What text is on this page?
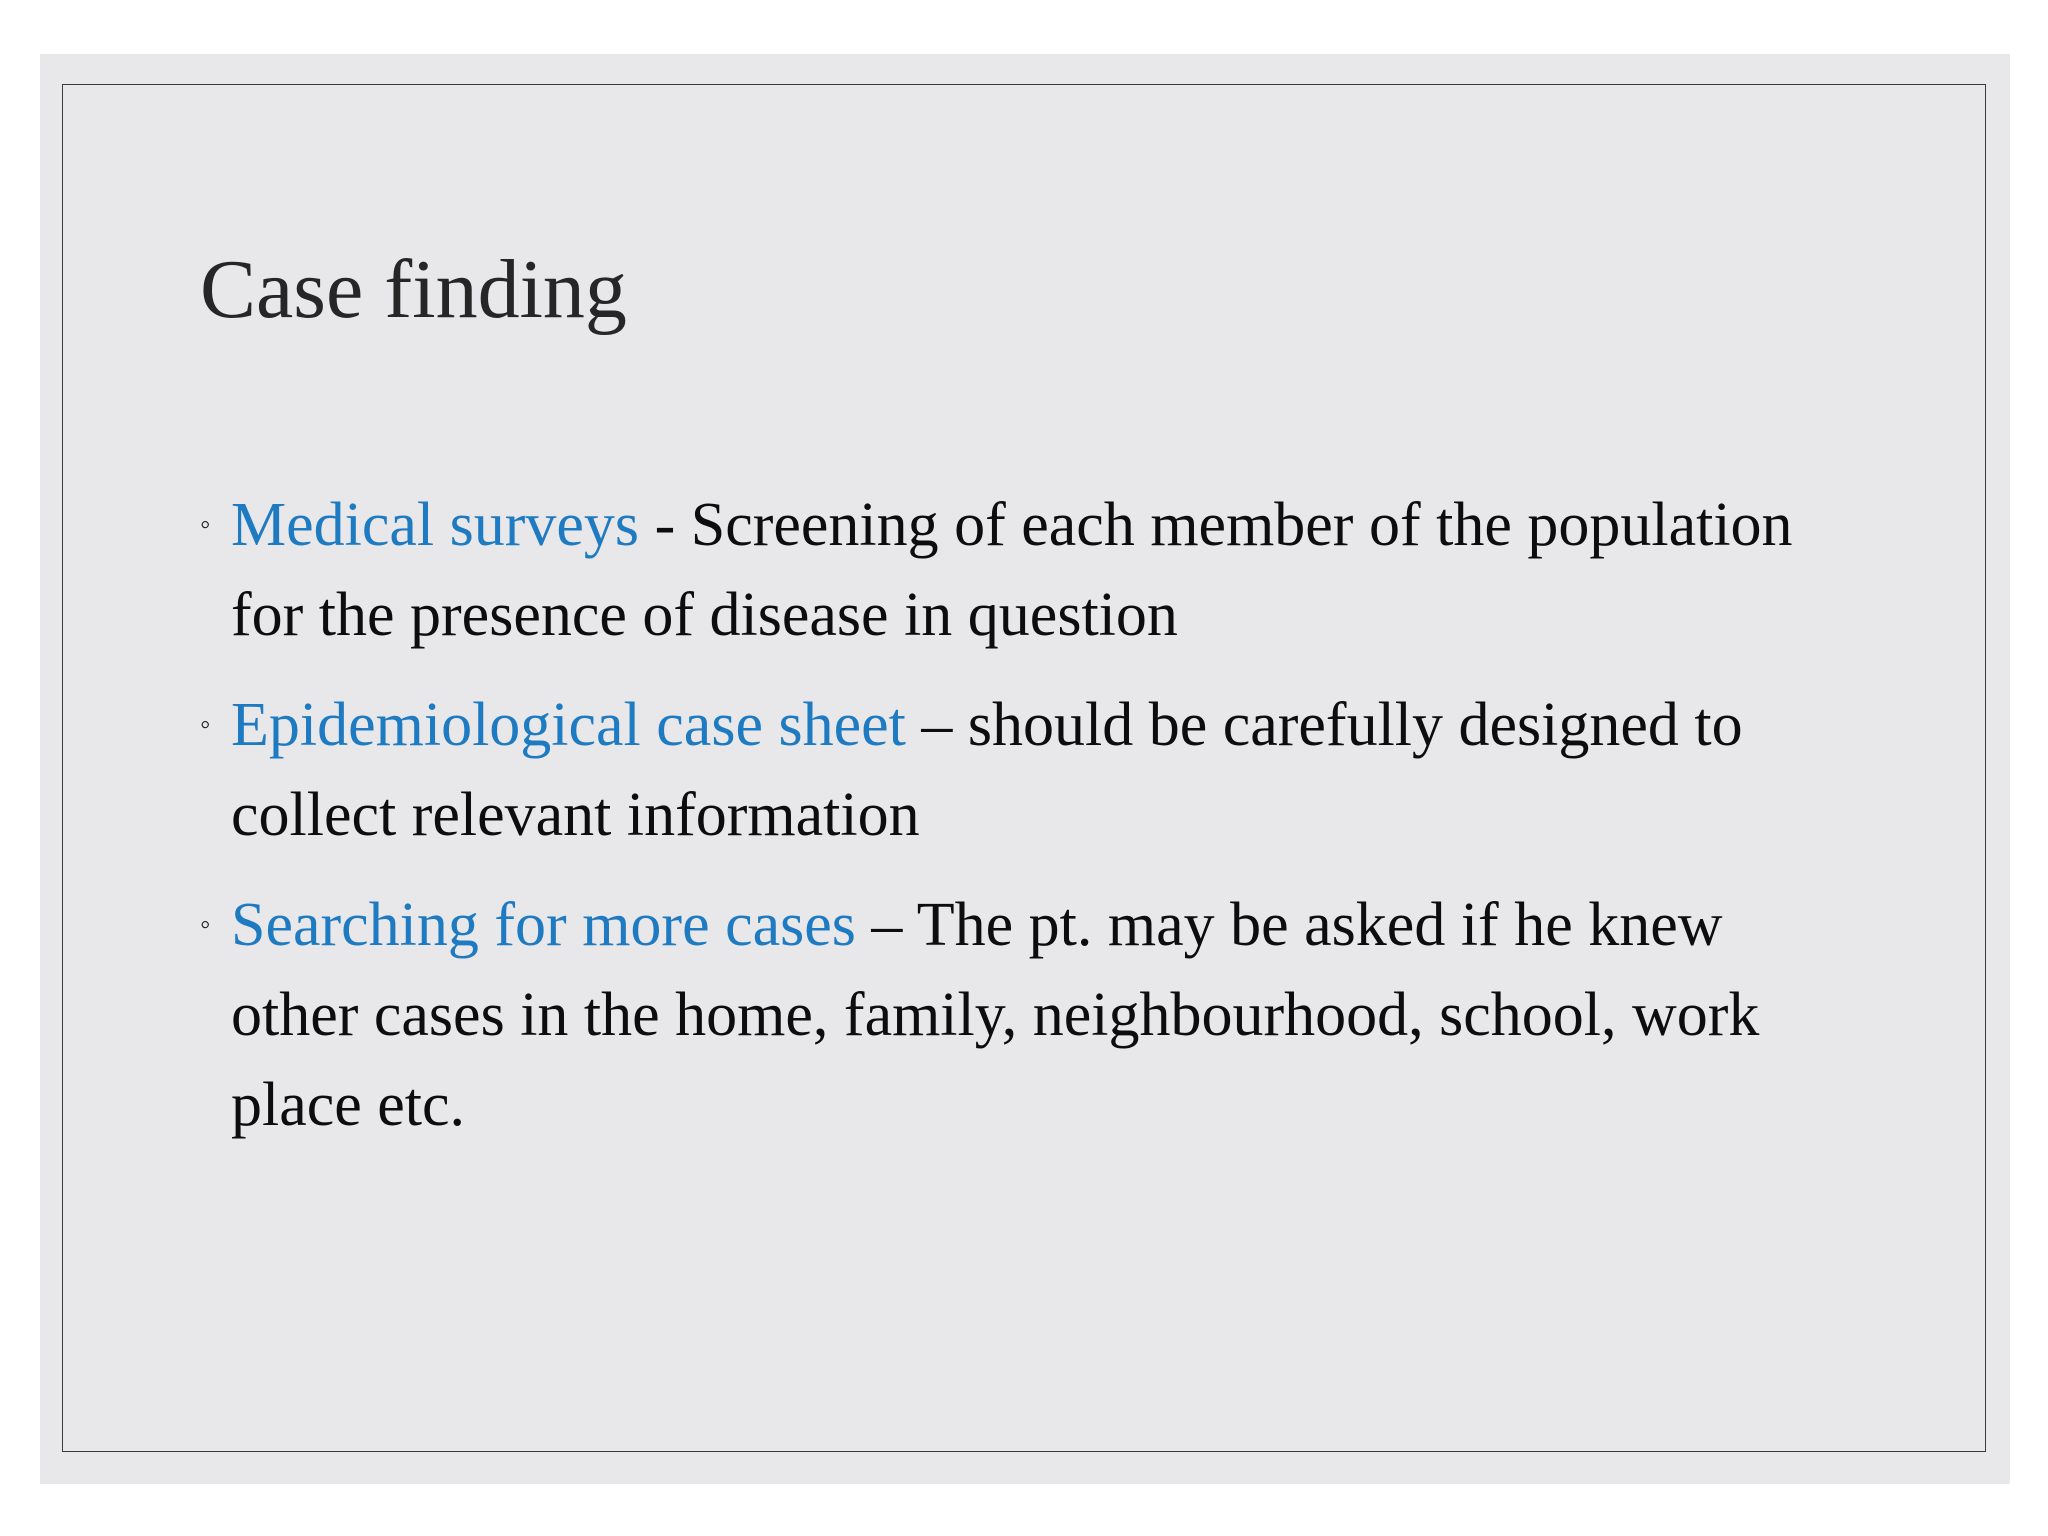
Case finding
◦ Medical surveys - Screening of each member of the population for the presence of disease in question
◦ Epidemiological case sheet – should be carefully designed to collect relevant information
◦ Searching for more cases – The pt. may be asked if he knew other cases in the home, family, neighbourhood, school, work place etc.
